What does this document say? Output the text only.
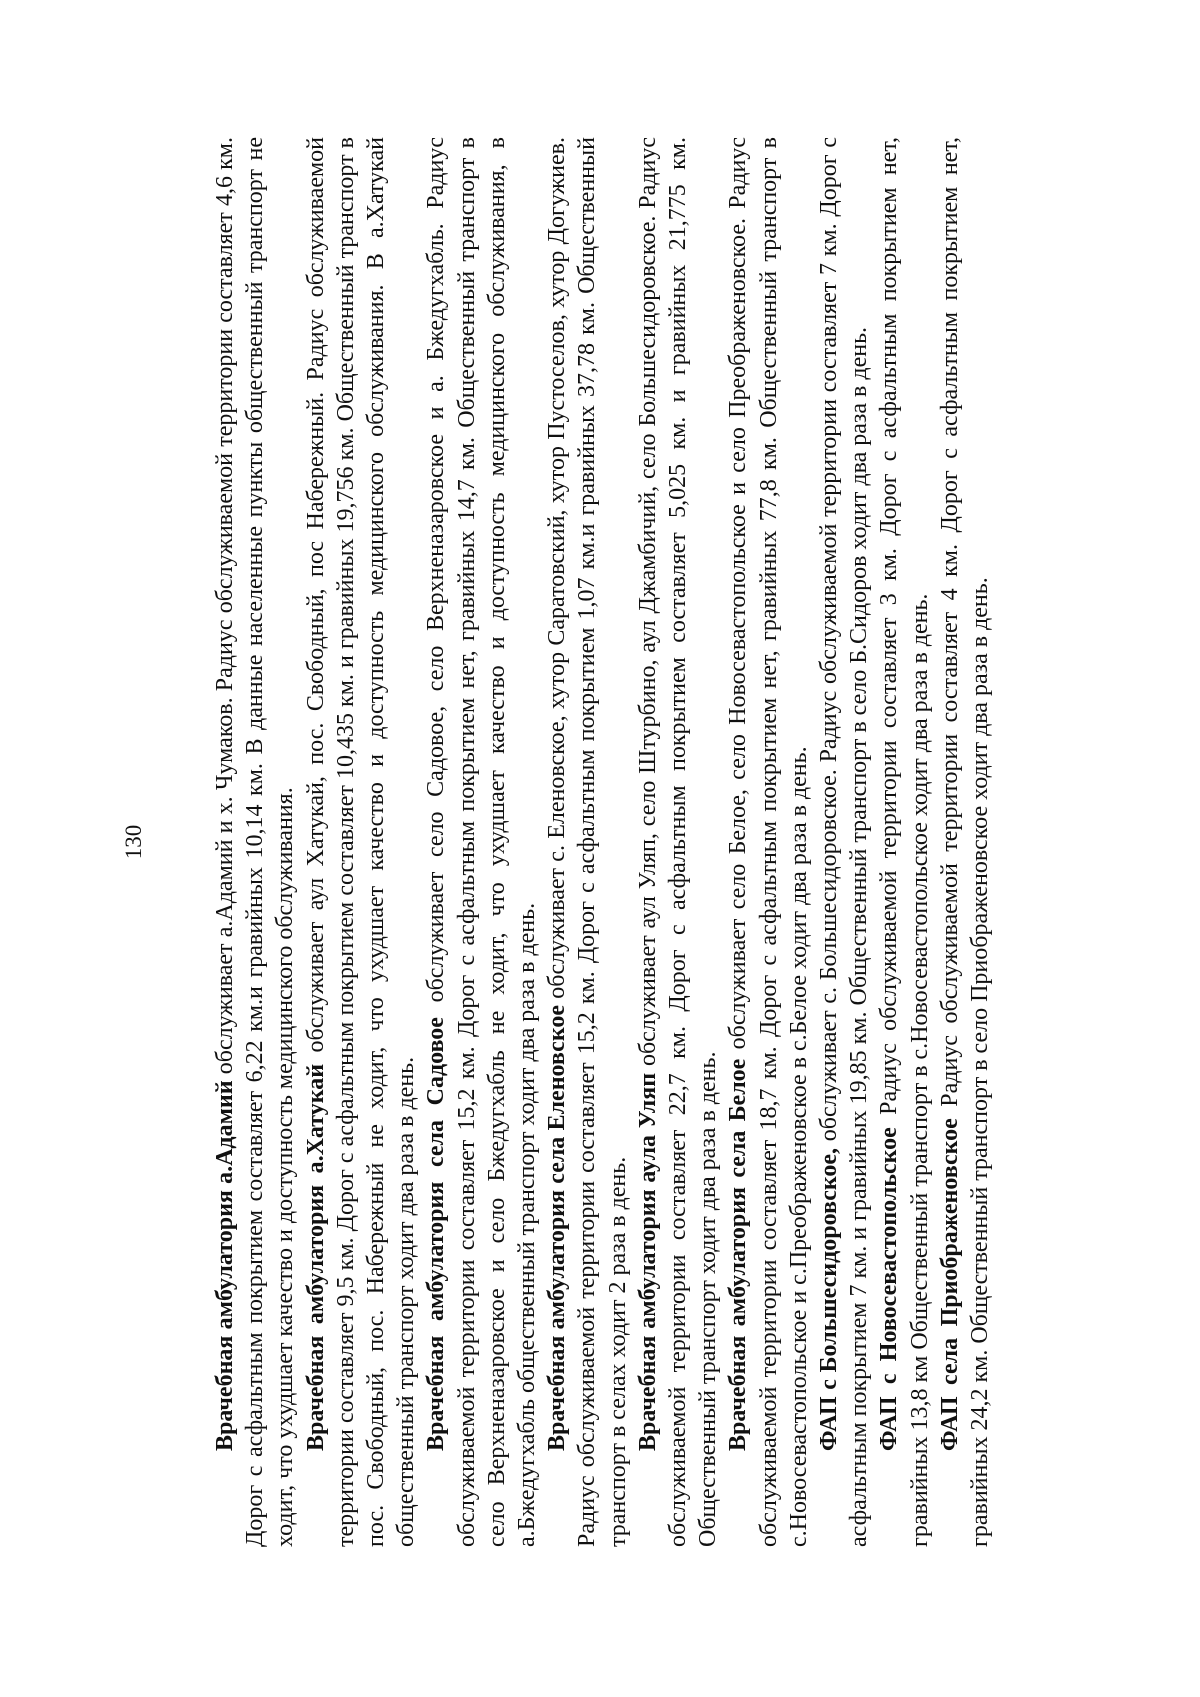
130

Врачебная амбулатория а.Адамий обслуживает а.Адамий и х. Чумаков. Радиус обслуживаемой территории составляет 4,6 км. Дорог с асфальтным покрытием составляет 6,22 км.и гравийных 10,14 км. В данные населенные пункты общественный транспорт не ходит, что ухудшает качество и доступность медицинского обслуживания. Врачебная амбулатория а.Хатукай обслуживает аул Хатукай, пос. Свободный, пос Набережный. Радиус обслуживаемой территории составляет 9,5 км. Дорог с асфальтным покрытием составляет 10,435 км. и гравийных 19,756 км. Общественный транспорт в пос. Свободный, пос. Набережный не ходит, что ухудшает качество и доступность медицинского обслуживания. В а.Хатукай общественный транспорт ходит два раза в день. Врачебная амбулатория села Садовое обслуживает село Садовое, село Верхненазаровское и а. Бжедугхабль. Радиус обслуживаемой территории составляет 15,2 км. Дорог с асфальтным покрытием нет, гравийных 14,7 км. Общественный транспорт в село Верхненазаровское и село Бжедугхабль не ходит, что ухудшает качество и доступность медицинского обслуживания, в а.Бжедугхабль общественный транспорт ходит два раза в день. Врачебная амбулатория села Еленовское обслуживает с. Еленовское, хутор Саратовский, хутор Пустоселов, хутор Догужиев. Радиус обслуживаемой территории составляет 15,2 км. Дорог с асфальтным покрытием 1,07 км.и гравийных 37,78 км. Общественный транспорт в селах ходит 2 раза в день. Врачебная амбулатория аула Уляп обслуживает аул Уляп, село Штурбино, аул Джамбичий, село Большесидоровское. Радиус обслуживаемой территории составляет 22,7 км. Дорог с асфальтным покрытием составляет 5,025 км. и гравийных 21,775 км. Общественный транспорт ходит два раза в день. Врачебная амбулатория села Белое обслуживает село Белое, село Новосевастопольское и село Преображеновское. Радиус обслуживаемой территории составляет 18,7 км. Дорог с асфальтным покрытием нет, гравийных 77,8 км. Общественный транспорт в с.Новосевастопольское и с.Преображеновское в с.Белое ходит два раза в день. ФАП с Большесидоровское, обслуживает с. Большесидоровское. Радиус обслуживаемой территории составляет 7 км. Дорог с асфальтным покрытием 7 км. и гравийных 19,85 км. Общественный транспорт в село Б.Сидоров ходит два раза в день. ФАП с Новосевастопольское Радиус обслуживаемой территории составляет 3 км. Дорог с асфальтным покрытием нет, гравийных 13,8 км Общественный транспорт в с.Новосевастопольское ходит два раза в день. ФАП села Приображеновское Радиус обслуживаемой территории составляет 4 км. Дорог с асфальтным покрытием нет, гравийных 24,2 км. Общественный транспорт в село Приображеновское ходит два раза в день.
